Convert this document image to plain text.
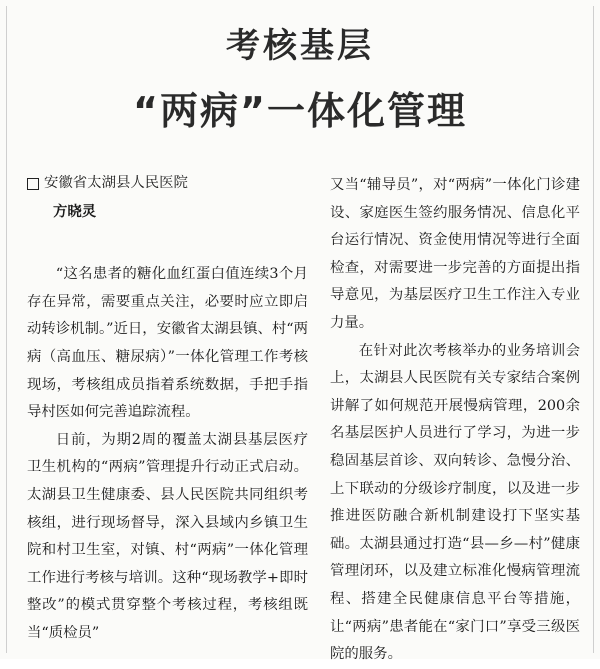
考核基层
“两病”一体化管理
安徽省太湖县人民医院
方晓灵

“这名患者的糖化血红蛋白值连续3个月存在异常，需要重点关注，必要时应立即启动转诊机制。”近日，安徽省太湖县镇、村“两病（高血压、糖尿病）”一体化管理工作考核现场，考核组成员指着系统数据，手把手指导村医如何完善追踪流程。

日前，为期2周的覆盖太湖县基层医疗卫生机构的“两病”管理提升行动正式启动。太湖县卫生健康委、县人民医院共同组织考核组，进行现场督导，深入县域内乡镇卫生院和村卫生室，对镇、村“两病”一体化管理工作进行考核与培训。这种“现场教学+即时整改”的模式贯穿整个考核过程，考核组既当“质检员”

又当“辅导员”，对“两病”一体化门诊建设、家庭医生签约服务情况、信息化平台运行情况、资金使用情况等进行全面检查，对需要进一步完善的方面提出指导意见，为基层医疗卫生工作注入专业力量。

在针对此次考核举办的业务培训会上，太湖县人民医院有关专家结合案例讲解了如何规范开展慢病管理，200余名基层医护人员进行了学习，为进一步稳固基层首诊、双向转诊、急慢分治、上下联动的分级诊疗制度，以及进一步推进医防融合新机制建设打下坚实基础。太湖县通过打造“县—乡—村”健康管理闭环，以及建立标准化慢病管理流程、搭建全民健康信息平台等措施，让“两病”患者能在“家门口”享受三级医院的服务。
